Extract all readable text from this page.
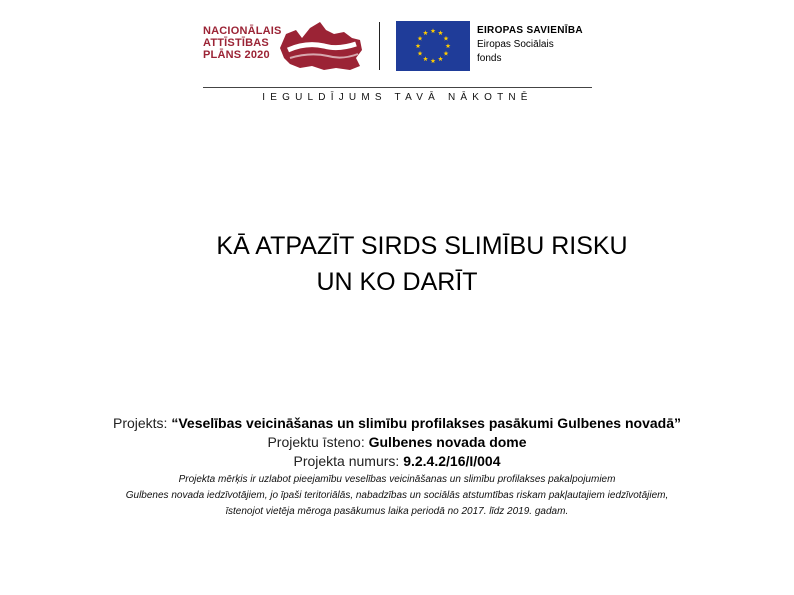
NACIONĀLAIS
ATTĪSTĪBAS
PLĀNS 2020
EIROPAS SAVIENĪBA
Eiropas Sociālais
fonds
IEGULDĪJUMS TAVĀ NĀKOTNĒ
KĀ ATPAZĪT SIRDS SLIMĪBU RISKU
UN KO DARĪT
Projekts: “Veselības veicināšanas un slimību profilakses pasākumi Gulbenes novadā”
Projektu īsteno: Gulbenes novada dome
Projekta numurs: 9.2.4.2/16/I/004
Projekta mērķis ir uzlabot pieejamību veselības veicināšanas un slimību profilakses pakalpojumiem
Gulbenes novada iedzīvotājiem, jo īpaši teritoriālās, nabadzības un sociālās atstumtības riskam pakļautajiem iedzīvotājiem,
īstenojot vietēja mēroga pasākumus laika periodā no 2017. līdz 2019. gadam.
